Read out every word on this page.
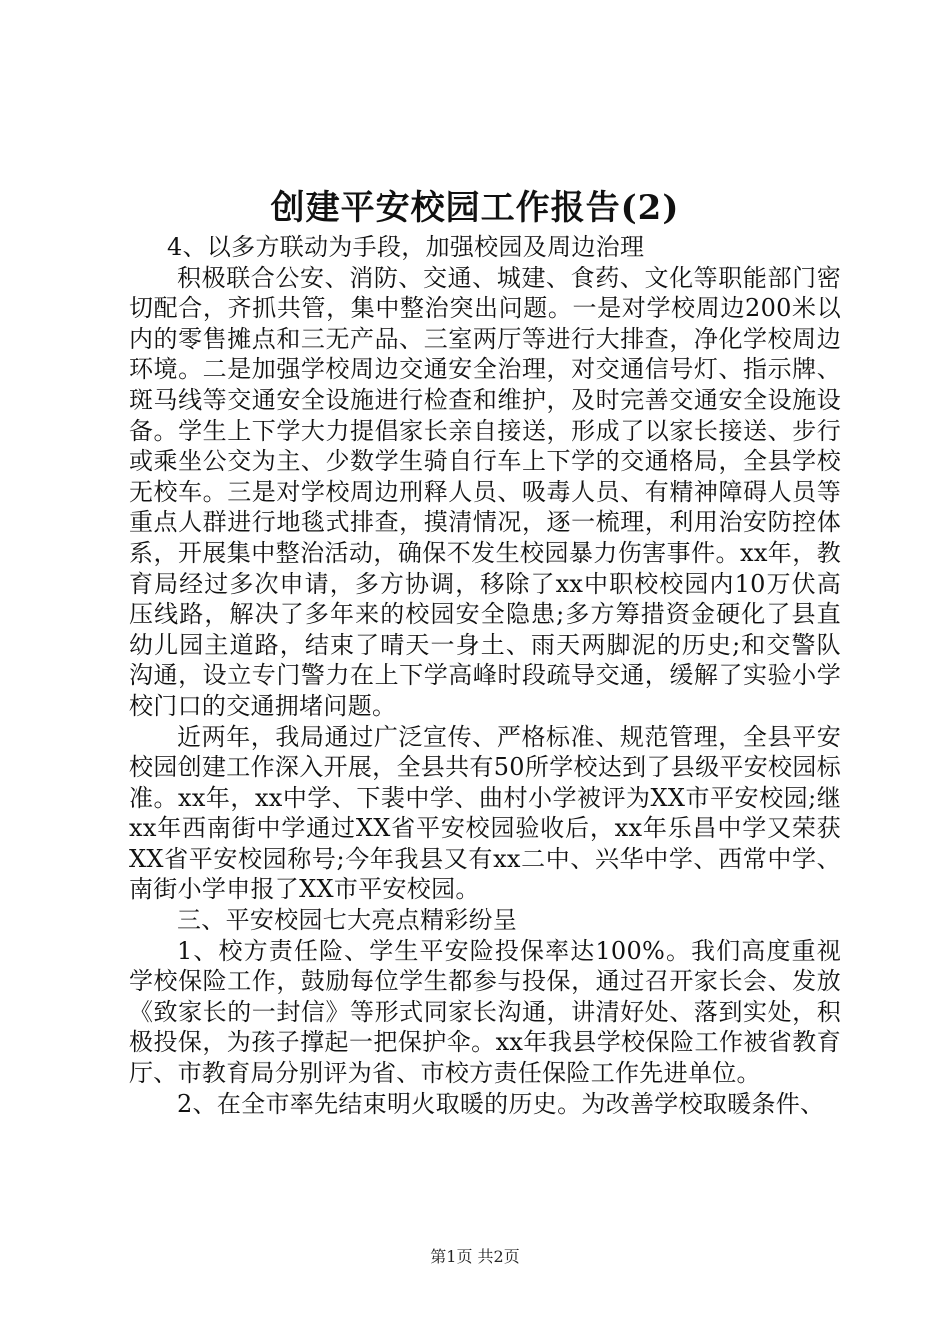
创建平安校园工作报告(2)

4、以多方联动为手段，加强校园及周边治理

积极联合公安、消防、交通、城建、食药、文化等职能部门密切配合，齐抓共管，集中整治突出问题。一是对学校周边200米以内的零售摊点和三无产品、三室两厅等进行大排查，净化学校周边环境。二是加强学校周边交通安全治理，对交通信号灯、指示牌、斑马线等交通安全设施进行检查和维护，及时完善交通安全设施设备。学生上下学大力提倡家长亲自接送，形成了以家长接送、步行或乘坐公交为主、少数学生骑自行车上下学的交通格局，全县学校无校车。三是对学校周边刑释人员、吸毒人员、有精神障碍人员等重点人群进行地毯式排查，摸清情况，逐一梳理，利用治安防控体系，开展集中整治活动，确保不发生校园暴力伤害事件。xx年，教育局经过多次申请，多方协调，移除了xx中职校校园内10万伏高压线路，解决了多年来的校园安全隐患;多方筹措资金硬化了县直幼儿园主道路，结束了晴天一身土、雨天两脚泥的历史;和交警队沟通，设立专门警力在上下学高峰时段疏导交通，缓解了实验小学校门口的交通拥堵问题。

近两年，我局通过广泛宣传、严格标准、规范管理，全县平安校园创建工作深入开展，全县共有50所学校达到了县级平安校园标准。xx年，xx中学、下裴中学、曲村小学被评为XX市平安校园;继xx年西南街中学通过XX省平安校园验收后，xx年乐昌中学又荣获XX省平安校园称号;今年我县又有xx二中、兴华中学、西常中学、南街小学申报了XX市平安校园。

三、平安校园七大亮点精彩纷呈

1、校方责任险、学生平安险投保率达100%。我们高度重视学校保险工作，鼓励每位学生都参与投保，通过召开家长会、发放《致家长的一封信》等形式同家长沟通，讲清好处、落到实处，积极投保，为孩子撑起一把保护伞。xx年我县学校保险工作被省教育厅、市教育局分别评为省、市校方责任保险工作先进单位。

2、在全市率先结束明火取暖的历史。为改善学校取暖条件、

第1页 共2页
